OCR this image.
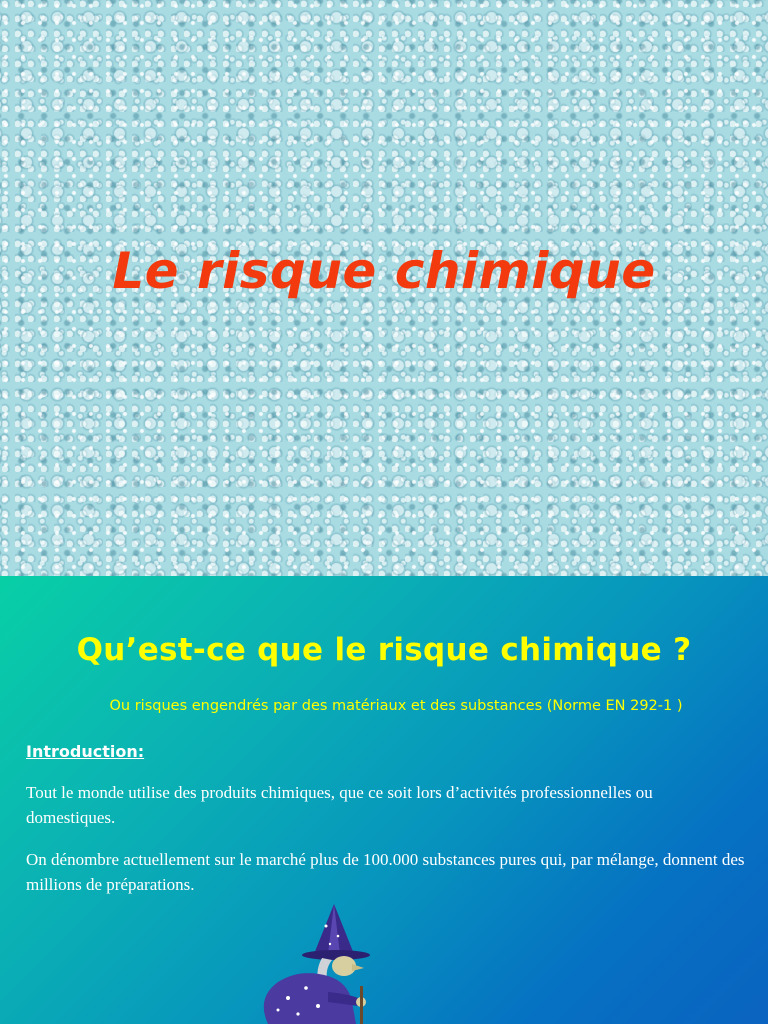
Le risque chimique
Qu’est-ce que le risque chimique ?

Ou risques engendrés par des matériaux et des substances (Norme EN 292-1 )

Introduction:

Tout le monde utilise des produits chimiques, que ce soit lors d’activités professionnelles ou domestiques.

On dénombre actuellement sur le marché plus de 100.000 substances pures qui, par mélange, donnent des millions de préparations.
